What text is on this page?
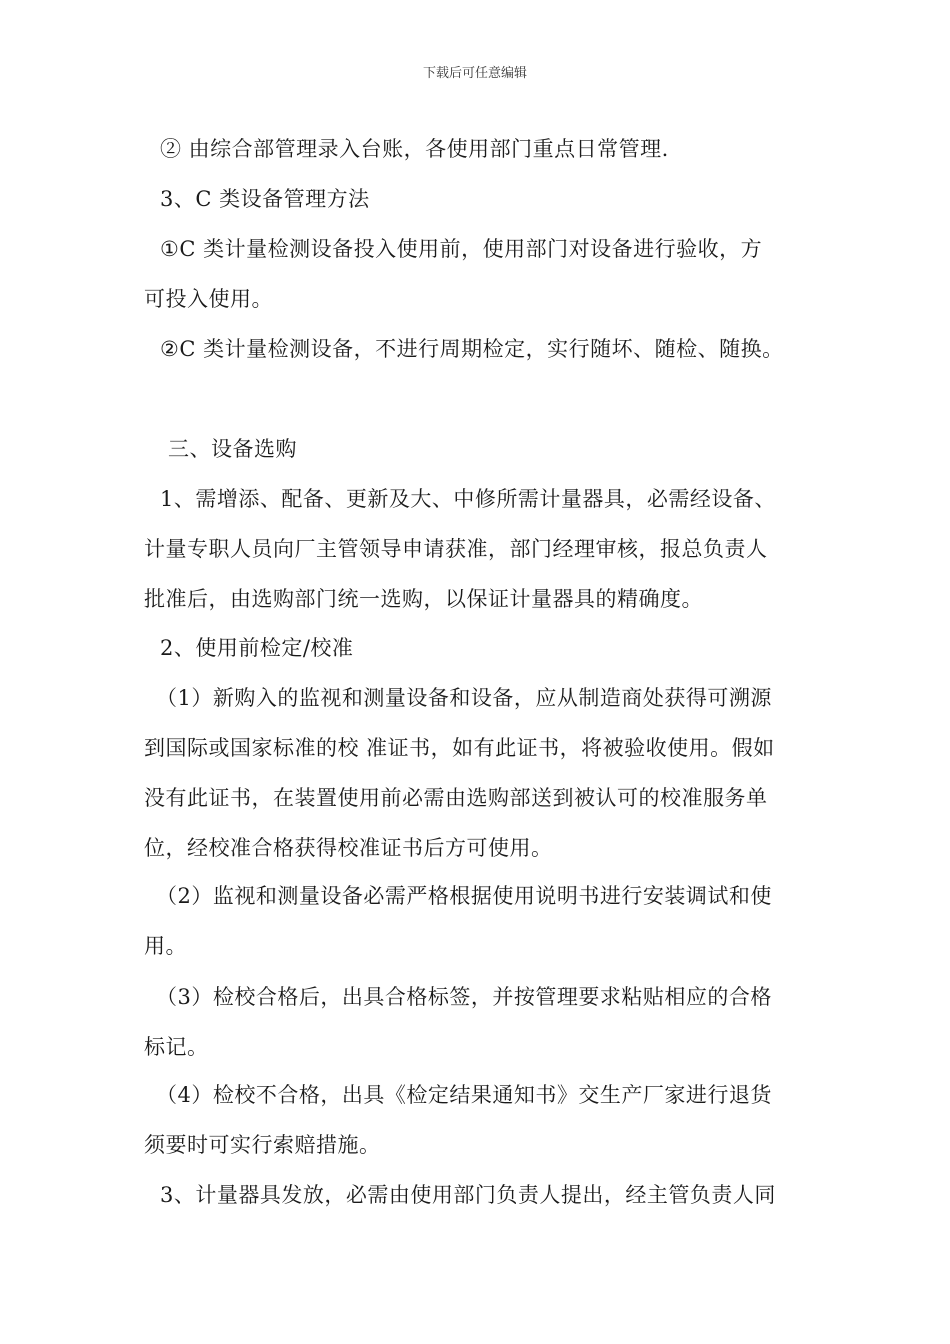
下载后可任意编辑
② 由综合部管理录入台账，各使用部门重点日常管理.
3、C 类设备管理方法
①C 类计量检测设备投入使用前，使用部门对设备进行验收，方
可投入使用。
②C 类计量检测设备，不进行周期检定，实行随坏、随检、随换。
三、设备选购
1、需增添、配备、更新及大、中修所需计量器具，必需经设备、
计量专职人员向厂主管领导申请获准，部门经理审核，报总负责人
批准后，由选购部门统一选购，以保证计量器具的精确度。
2、使用前检定/校准
（1）新购入的监视和测量设备和设备，应从制造商处获得可溯源
到国际或国家标准的校 准证书，如有此证书，将被验收使用。假如
没有此证书，在装置使用前必需由选购部送到被认可的校准服务单
位，经校准合格获得校准证书后方可使用。
（2）监视和测量设备必需严格根据使用说明书进行安装调试和使
用。
（3）检校合格后，出具合格标签，并按管理要求粘贴相应的合格
标记。
（4）检校不合格，出具《检定结果通知书》交生产厂家进行退货
须要时可实行索赔措施。
3、计量器具发放，必需由使用部门负责人提出，经主管负责人同
